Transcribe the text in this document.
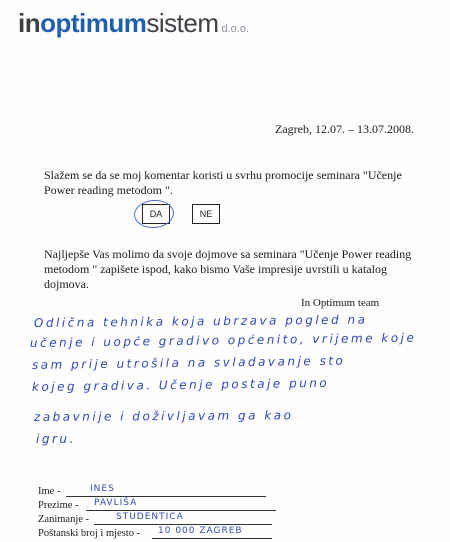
inoptimumsistem d.o.o.
Zagreb, 12.07. – 13.07.2008.
Slažem se da se moj komentar koristi u svrhu promocije seminara "Učenje Power reading metodom ".
DA	NE
Najljepše Vas molimo da svoje dojmove sa seminara "Učenje Power reading metodom " zapišete ispod, kako bismo Vaše impresije uvrstili u katalog dojmova.
In Optimum team
Odlična tehnika koja ubrzava pogled na
učenje i uopće gradivo općenito, vrijeme koje
sam prije utrošila na svladavanje sto
kojeg gradiva. Učenje postaje puno
zabavnije i doživljavam ga kao
igru.
Ime -	INES
Prezime - PAVLIŠA
Zanimanje -	STUDENTICA
Poštanski broj i mjesto - 10 000 ZAGREB
